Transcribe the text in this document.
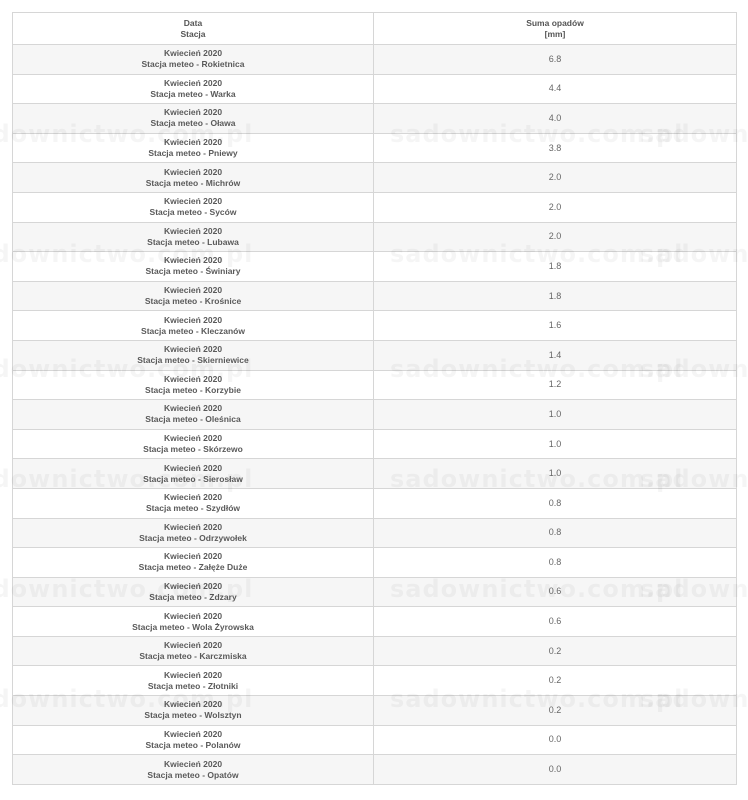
Data
Stacja	Suma opadów
[mm]

Kwiecień 2020
Stacja meteo - Rokietnica	6.8

Kwiecień 2020
Stacja meteo - Warka	4.4

Kwiecień 2020
Stacja meteo - Oława	4.0

Kwiecień 2020
Stacja meteo - Pniewy	3.8

Kwiecień 2020
Stacja meteo - Michrów	2.0

Kwiecień 2020
Stacja meteo - Syców	2.0

Kwiecień 2020
Stacja meteo - Lubawa	2.0

Kwiecień 2020
Stacja meteo - Świniary	1.8

Kwiecień 2020
Stacja meteo - Krośnice	1.8

Kwiecień 2020
Stacja meteo - Kleczanów	1.6

Kwiecień 2020
Stacja meteo - Skierniewice	1.4

Kwiecień 2020
Stacja meteo - Korzybie	1.2

Kwiecień 2020
Stacja meteo - Oleśnica	1.0

Kwiecień 2020
Stacja meteo - Skórzewo	1.0

Kwiecień 2020
Stacja meteo - Sierosław	1.0

Kwiecień 2020
Stacja meteo - Szydłów	0.8

Kwiecień 2020
Stacja meteo - Odrzywołek	0.8

Kwiecień 2020
Stacja meteo - Załęże Duże	0.8

Kwiecień 2020
Stacja meteo - Zdzary	0.6

Kwiecień 2020
Stacja meteo - Wola Żyrowska	0.6

Kwiecień 2020
Stacja meteo - Karczmiska	0.2

Kwiecień 2020
Stacja meteo - Złotniki	0.2

Kwiecień 2020
Stacja meteo - Wolsztyn	0.2

Kwiecień 2020
Stacja meteo - Polanów	0.0

Kwiecień 2020
Stacja meteo - Opatów	0.0
